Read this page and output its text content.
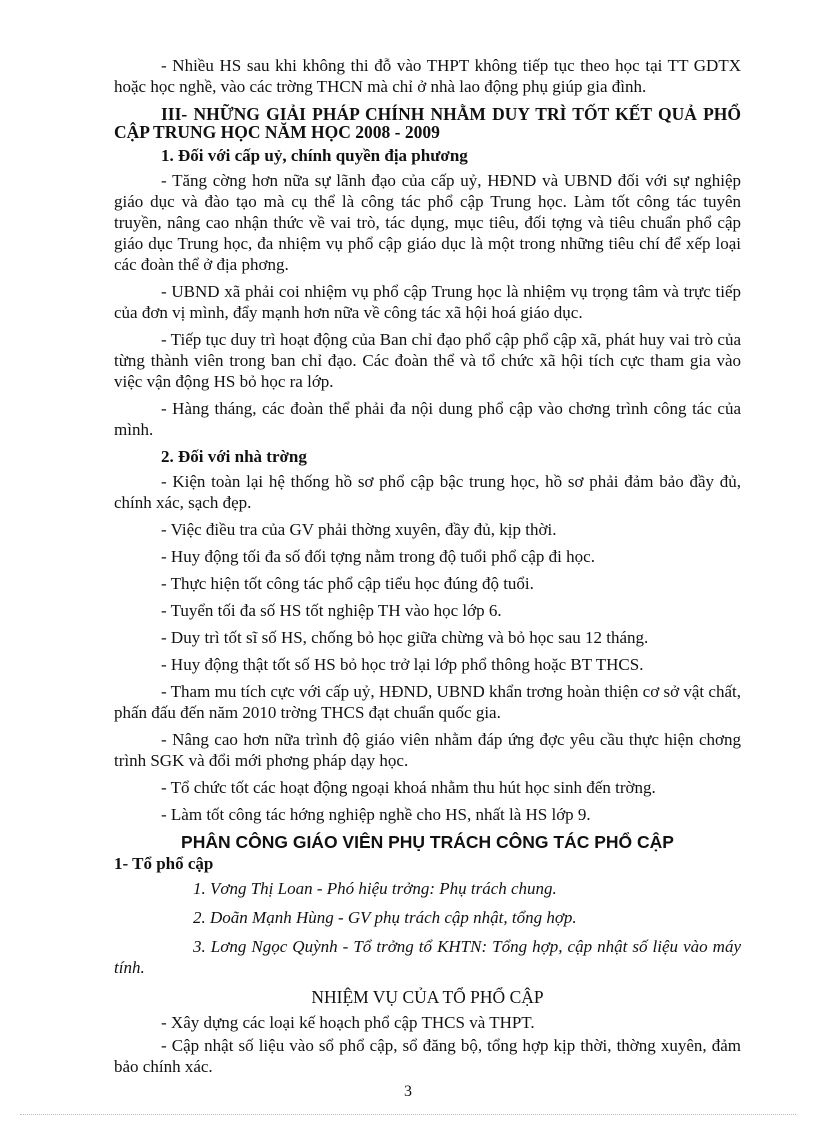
- Nhiều HS sau khi không thi đỗ vào THPT không tiếp tục theo học tại TT GDTX hoặc học nghề, vào các trờng THCN mà chỉ ở nhà lao động phụ giúp gia đình.

III- NHỮNG GIẢI PHÁP CHÍNH NHẰM DUY TRÌ TỐT KẾT QUẢ PHỔ CẬP TRUNG HỌC NĂM HỌC 2008 - 2009
1. Đối với cấp uỷ, chính quyền địa phương

- Tăng cờng hơn nữa sự lãnh đạo của cấp uỷ, HĐND và UBND đối với sự nghiệp giáo dục và đào tạo mà cụ thể là công tác phổ cập Trung học. Làm tốt công tác tuyên truyền, nâng cao nhận thức về vai trò, tác dụng, mục tiêu, đối tợng và tiêu chuẩn phổ cập giáo dục Trung học, đa nhiệm vụ phổ cập giáo dục là một trong những tiêu chí để xếp loại các đoàn thể ở địa phơng.

- UBND xã phải coi nhiệm vụ phổ cập Trung học là nhiệm vụ trọng tâm và trực tiếp của đơn vị mình, đẩy mạnh hơn nữa về công tác xã hội hoá giáo dục.

- Tiếp tục duy trì hoạt động của Ban chỉ đạo phổ cập phổ cập xã, phát huy vai trò của từng thành viên trong ban chỉ đạo. Các đoàn thể và tổ chức xã hội tích cực tham gia vào việc vận động HS bỏ học ra lớp.

- Hàng tháng, các đoàn thể phải đa nội dung phổ cập vào chơng trình công tác của mình.

2. Đối với nhà trờng

- Kiện toàn lại hệ thống hồ sơ phổ cập bậc trung học, hồ sơ phải đảm bảo đầy đủ, chính xác, sạch đẹp.

- Việc điều tra của GV phải thờng xuyên, đầy đủ, kịp thời.

- Huy động tối đa số đối tợng nằm trong độ tuổi phổ cập đi học.

- Thực hiện tốt công tác phổ cập tiểu học đúng độ tuổi.

- Tuyển tối đa số HS tốt nghiệp TH vào học lớp 6.

- Duy trì tốt sĩ số HS, chống bỏ học giữa chừng và bỏ học sau 12 tháng.

- Huy động thật tốt số HS bỏ học trở lại lớp phổ thông hoặc BT THCS.

- Tham mu tích cực với cấp uỷ, HĐND, UBND khẩn trơng hoàn thiện cơ sở vật chất, phấn đấu đến năm 2010 trờng THCS đạt chuẩn quốc gia.

- Nâng cao hơn nữa trình độ giáo viên nhằm đáp ứng đợc yêu cầu thực hiện chơng trình SGK và đổi mới phơng pháp dạy học.

- Tổ chức tốt các hoạt động ngoại khoá nhằm thu hút học sinh đến trờng.

- Làm tốt công tác hớng nghiệp nghề cho HS, nhất là HS lớp 9.

PHÂN CÔNG GIÁO VIÊN PHỤ TRÁCH CÔNG TÁC PHỔ CẬP
1- Tổ phổ cập

1. Vơng Thị Loan - Phó hiệu trởng: Phụ trách chung.

2. Doãn Mạnh Hùng - GV phụ trách cập nhật, tổng hợp.

3. Lơng Ngọc Quỳnh - Tổ trởng tổ KHTN: Tổng hợp, cập nhật số liệu vào máy tính.

NHIỆM VỤ CỦA TỔ PHỔ CẬP

- Xây dựng các loại kế hoạch phổ cập THCS và THPT.

- Cập nhật số liệu vào sổ phổ cập, sổ đăng bộ, tổng hợp kịp thời, thờng xuyên, đảm bảo chính xác.

3
